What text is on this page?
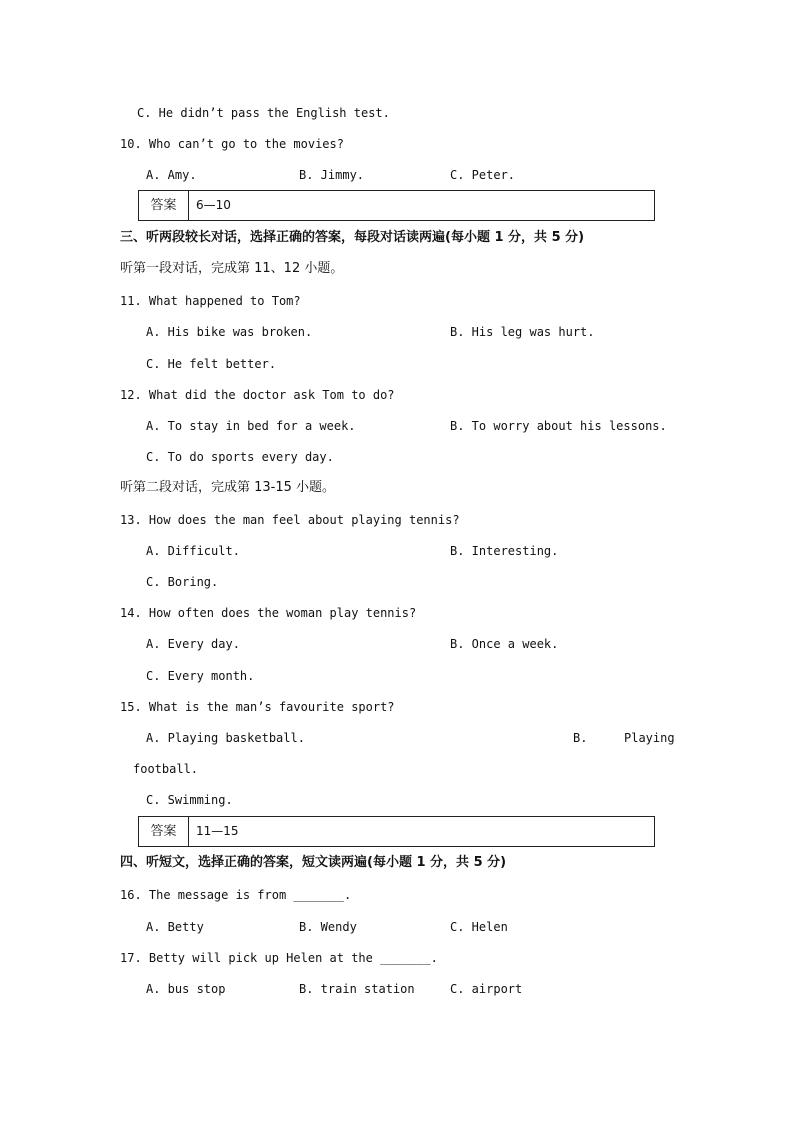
C. He didn’t pass the English test.
10. Who can’t go to the movies?
A. Amy.	B. Jimmy.	C. Peter.
答案	6—10
三、听两段较长对话，选择正确的答案，每段对话读两遍(每小题 1 分，共 5 分)
听第一段对话，完成第 11、12 小题。
11. What happened to Tom?
A. His bike was broken.	B. His leg was hurt.
C. He felt better.
12. What did the doctor ask Tom to do?
A. To stay in bed for a week.	B. To worry about his lessons.
C. To do sports every day.
听第二段对话，完成第 13-15 小题。
13. How does the man feel about playing tennis?
A. Difficult.	B. Interesting.
C. Boring.
14. How often does the woman play tennis?
A. Every day.	B. Once a week.
C. Every month.
15. What is the man’s favourite sport?
A. Playing basketball.	B.	Playing
football.
C. Swimming.
答案	11—15
四、听短文，选择正确的答案，短文读两遍(每小题 1 分，共 5 分)
16. The message is from _______.
A. Betty	B. Wendy	C. Helen
17. Betty will pick up Helen at the _______.
A. bus stop	B. train station	C. airport
